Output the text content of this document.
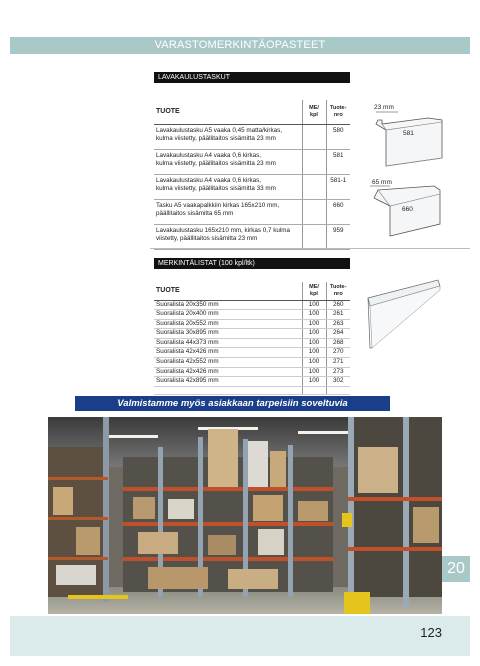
VARASTOMERKINTÄOPASTEET
LAVAKAULUSTASKUT
TUOTE	ME/ kpl	Tuote- nro
Lavakaulustasku A5 vaaka 0,45 matta/kirkas,
kulma viistetty, päällitaitos sisämitta 23 mm		580
Lavakaulustasku A4 vaaka 0,6 kirkas,
kulma viistetty, päällitaitos sisämitta 23 mm		581
Lavakaulustasku A4 vaaka 0,6 kirkas,
kulma viistetty, päällitaitos sisämitta 33 mm		581-1
Tasku A5 vaakapalkkiin kirkas 165x210 mm,
päällitaitos sisämitta 65 mm		660
Lavakaulustasku 165x210 mm, kirkas 0,7 kulma
viistetty, päällitaitos sisämitta 23 mm		959
23 mm
581
65 mm
660
MERKINTÄLISTAT (100 kpl/ltk)
TUOTE	ME/ kpl	Tuote- nro
Suoralista 20x350 mm	100	260
Suoralista 20x400 mm	100	261
Suoralista 20x552 mm	100	263
Suoralista 30x895 mm	100	264
Suoralista 44x373 mm	100	268
Suoralista 42x426 mm	100	270
Suoralista 42x552 mm	100	271
Suoralista 42x426 mm	100	273
Suoralista 42x895 mm	100	302

Valmistamme myös asiakkaan tarpeisiin soveltuvia
20
123
